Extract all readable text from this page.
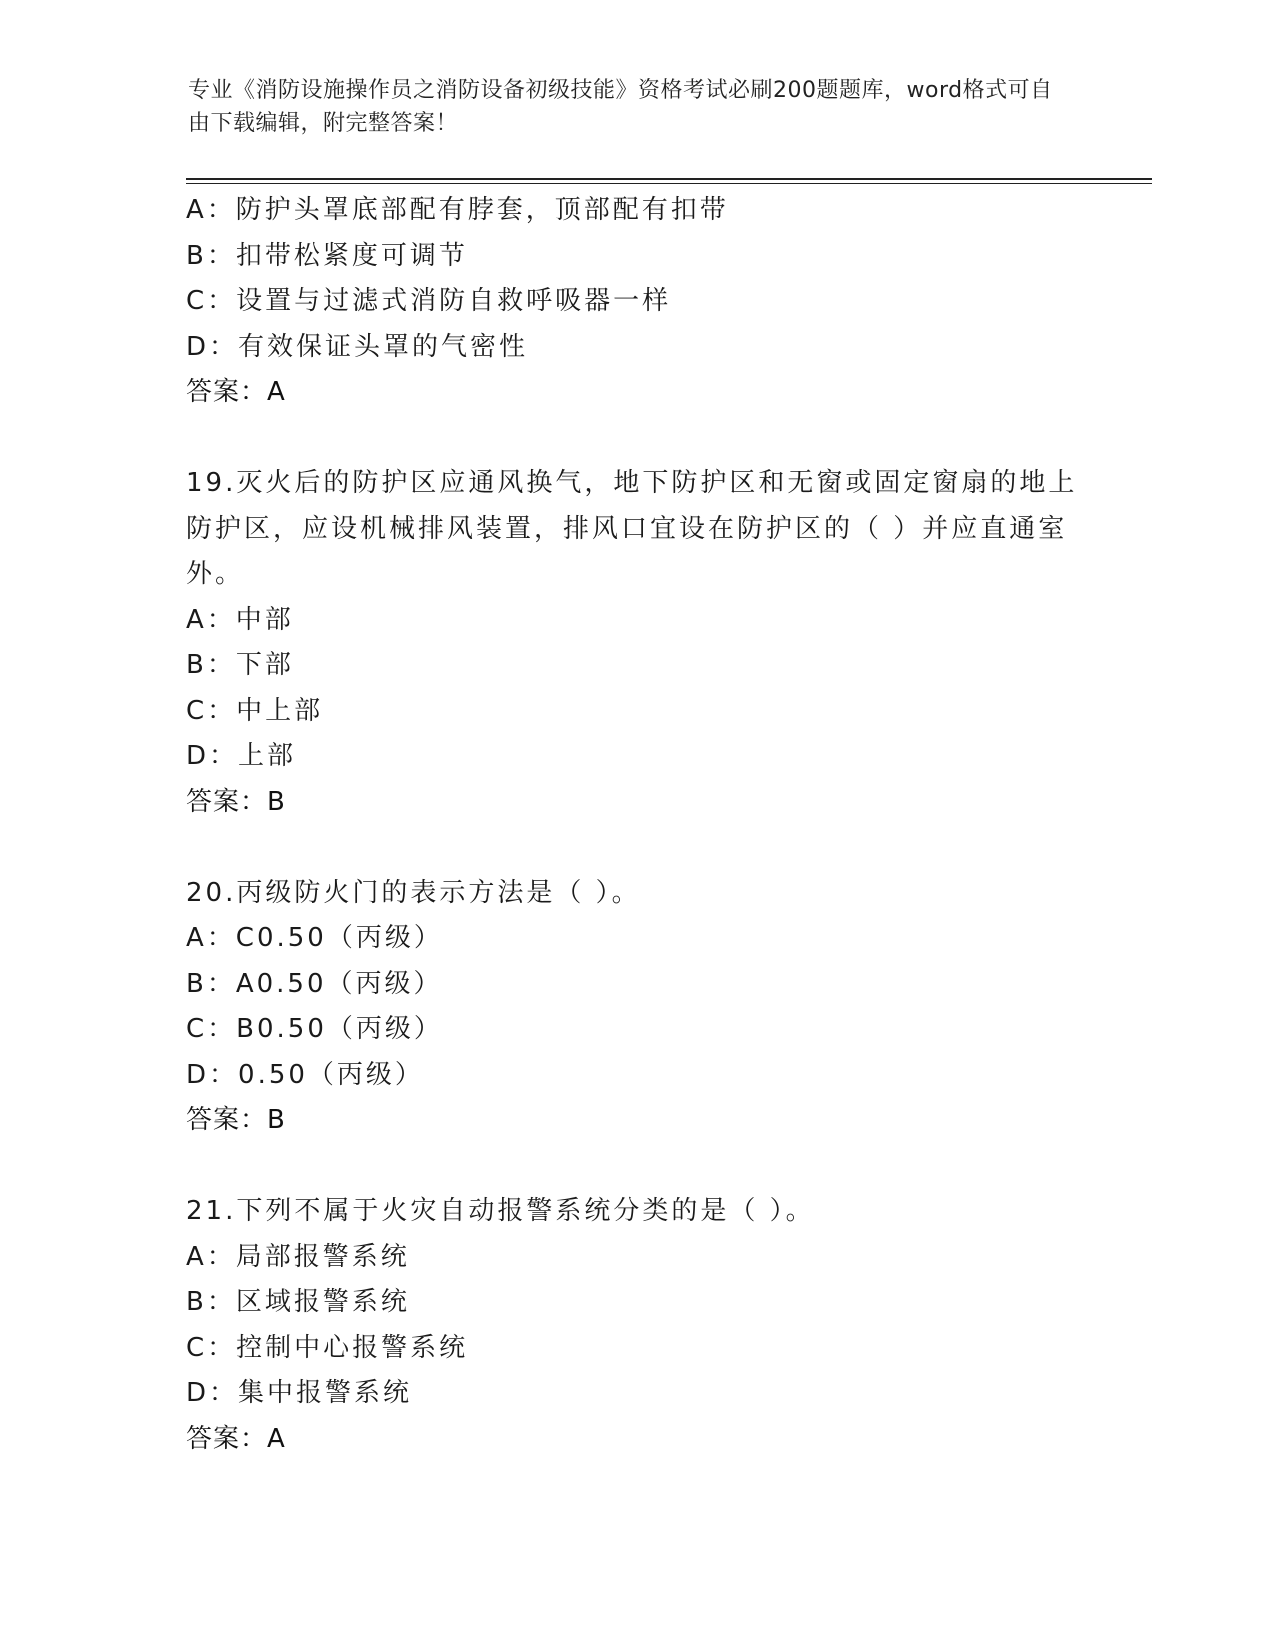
专业《消防设施操作员之消防设备初级技能》资格考试必刷200题题库，word格式可自由下载编辑，附完整答案！
A：防护头罩底部配有脖套，顶部配有扣带
B：扣带松紧度可调节
C：设置与过滤式消防自救呼吸器一样
D：有效保证头罩的气密性
答案：A
19.灭火后的防护区应通风换气，地下防护区和无窗或固定窗扇的地上防护区，应设机械排风装置，排风口宜设在防护区的（ ）并应直通室外。
A：中部
B：下部
C：中上部
D：上部
答案：B
20.丙级防火门的表示方法是（ ）。
A：C0.50（丙级）
B：A0.50（丙级）
C：B0.50（丙级）
D：0.50（丙级）
答案：B
21.下列不属于火灾自动报警系统分类的是（ ）。
A：局部报警系统
B：区域报警系统
C：控制中心报警系统
D：集中报警系统
答案：A
